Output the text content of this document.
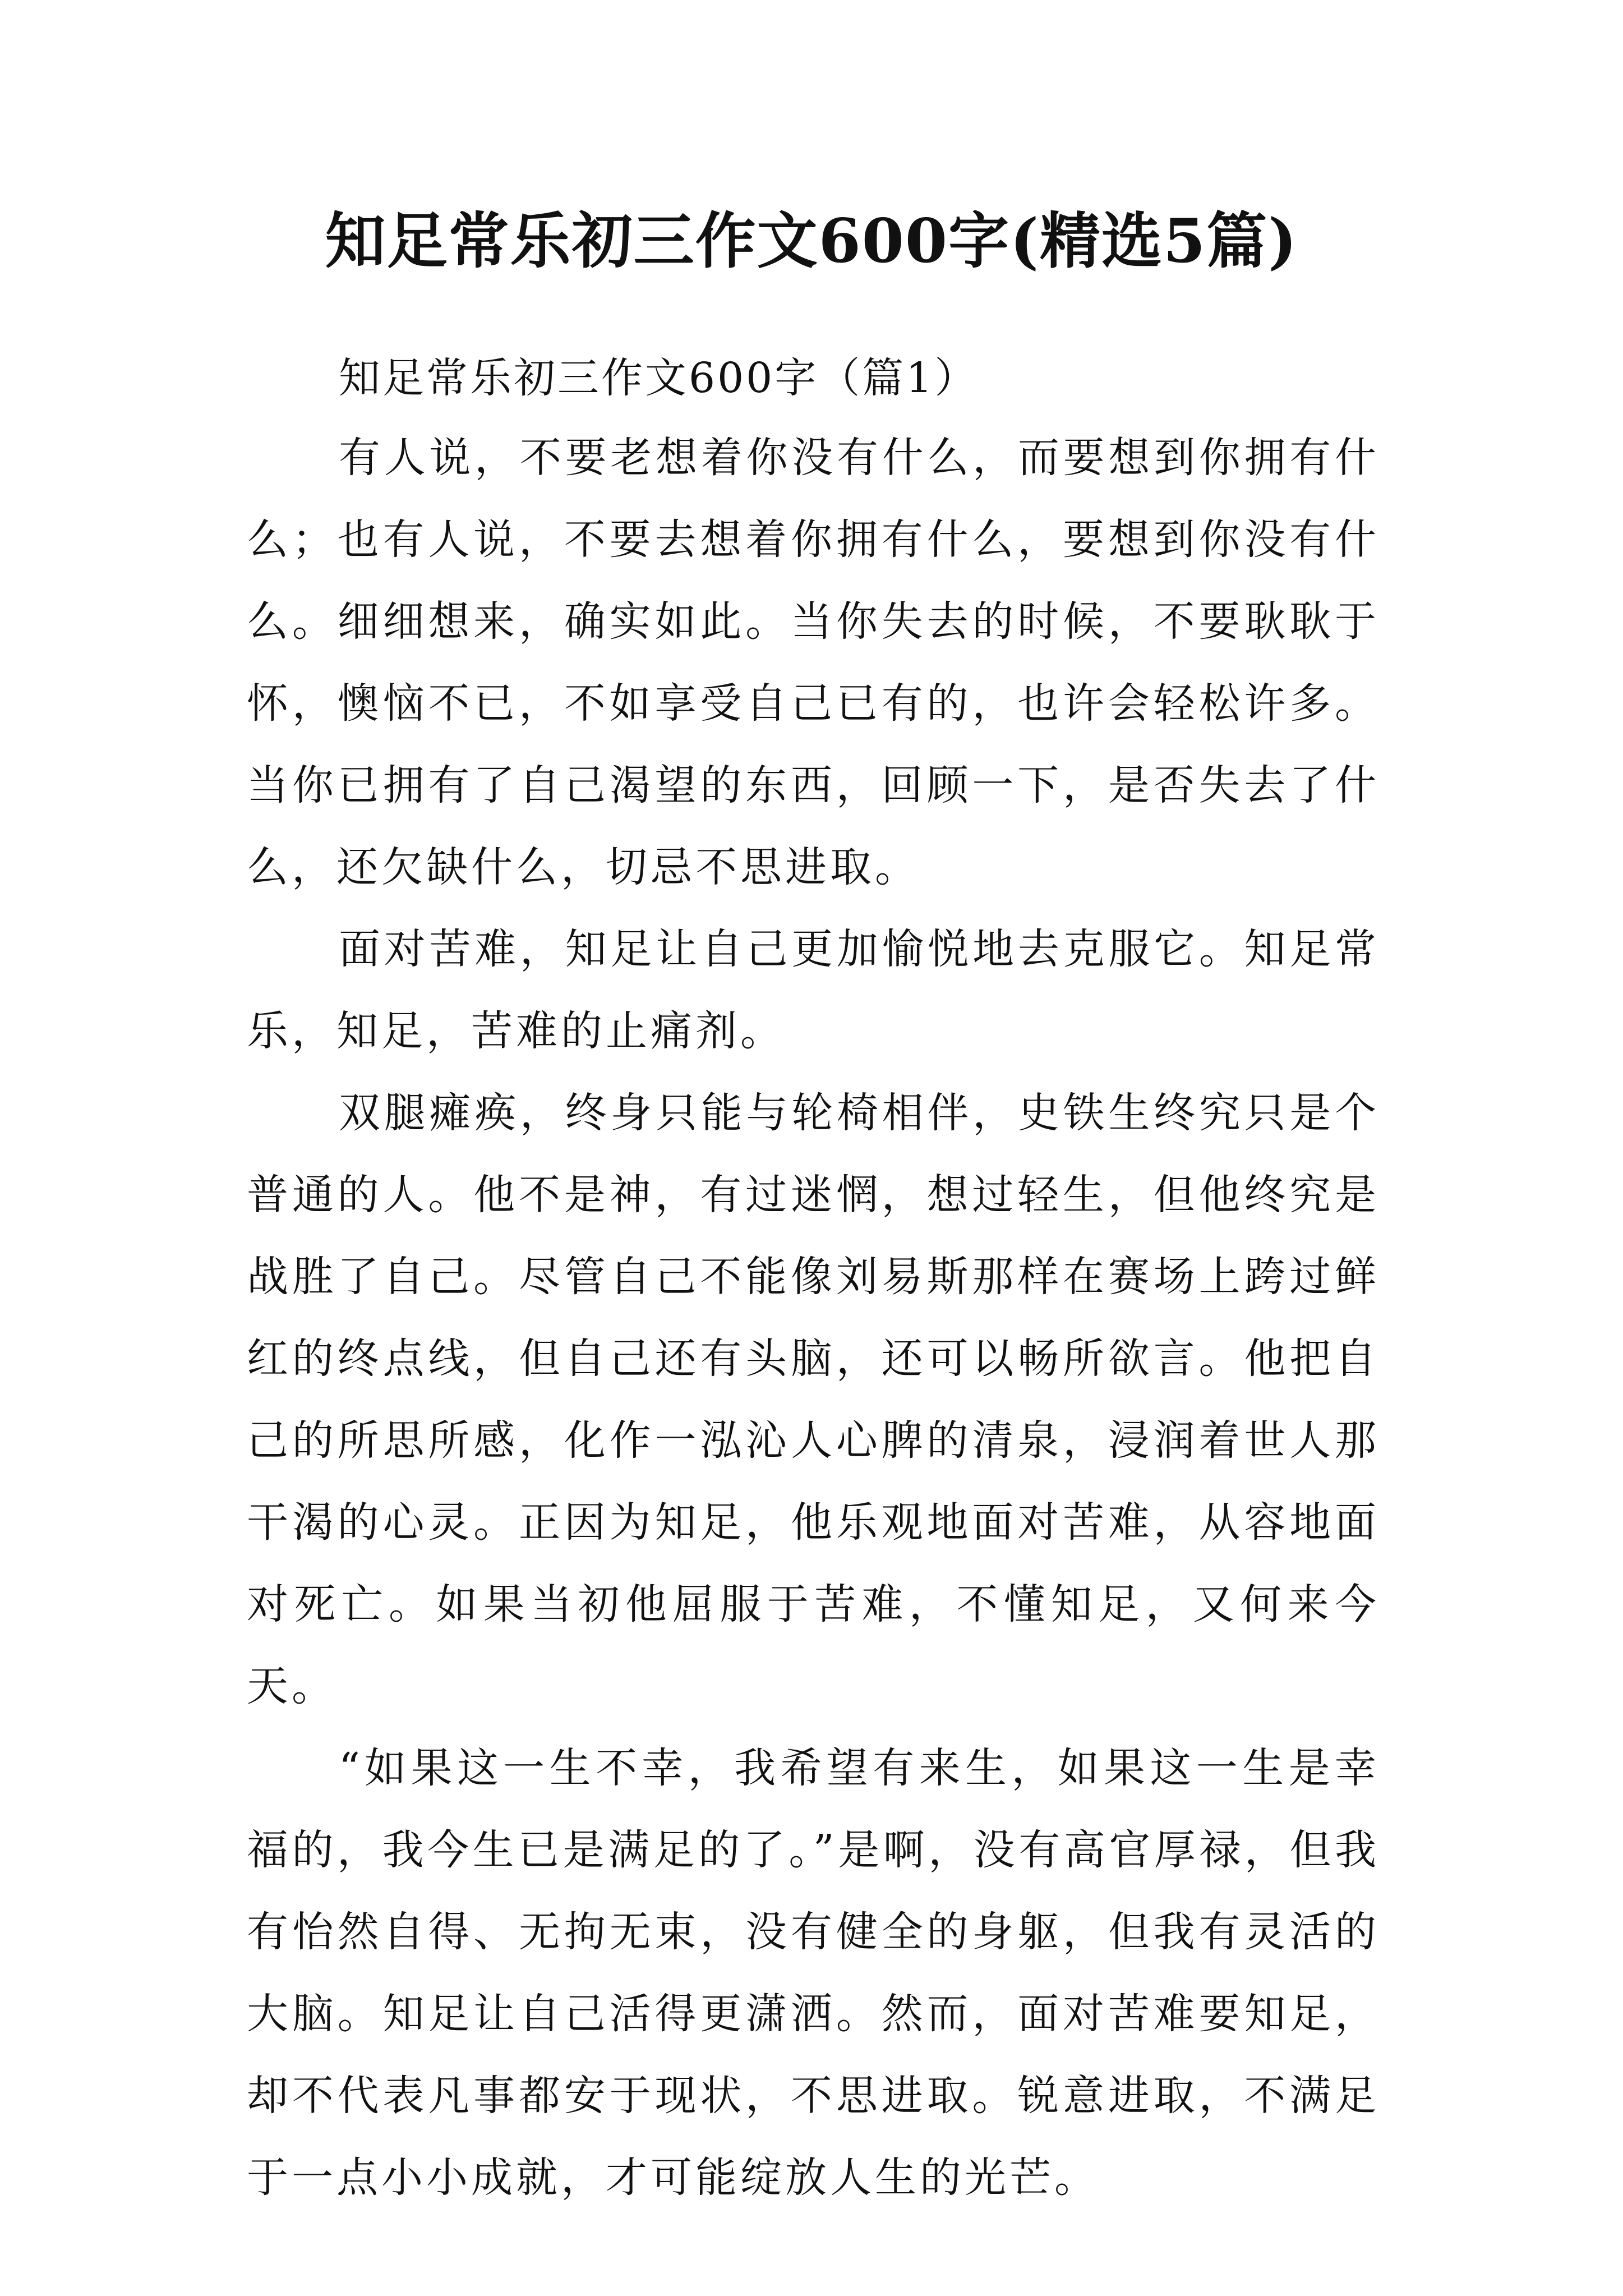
知足常乐初三作文600字(精选5篇)

知足常乐初三作文600字（篇1）

有人说，不要老想着你没有什么，而要想到你拥有什么；也有人说，不要去想着你拥有什么，要想到你没有什么。细细想来，确实如此。当你失去的时候，不要耿耿于怀，懊恼不已，不如享受自己已有的，也许会轻松许多。当你已拥有了自己渴望的东西，回顾一下，是否失去了什么，还欠缺什么，切忌不思进取。

面对苦难，知足让自己更加愉悦地去克服它。知足常乐，知足，苦难的止痛剂。

双腿瘫痪，终身只能与轮椅相伴，史铁生终究只是个普通的人。他不是神，有过迷惘，想过轻生，但他终究是战胜了自己。尽管自己不能像刘易斯那样在赛场上跨过鲜红的终点线，但自己还有头脑，还可以畅所欲言。他把自己的所思所感，化作一泓沁人心脾的清泉，浸润着世人那干渴的心灵。正因为知足，他乐观地面对苦难，从容地面对死亡。如果当初他屈服于苦难，不懂知足，又何来今天。

“如果这一生不幸，我希望有来生，如果这一生是幸福的，我今生已是满足的了。”是啊，没有高官厚禄，但我有怡然自得、无拘无束，没有健全的身躯，但我有灵活的大脑。知足让自己活得更潇洒。然而，面对苦难要知足，却不代表凡事都安于现状，不思进取。锐意进取，不满足于一点小小成就，才可能绽放人生的光芒。
